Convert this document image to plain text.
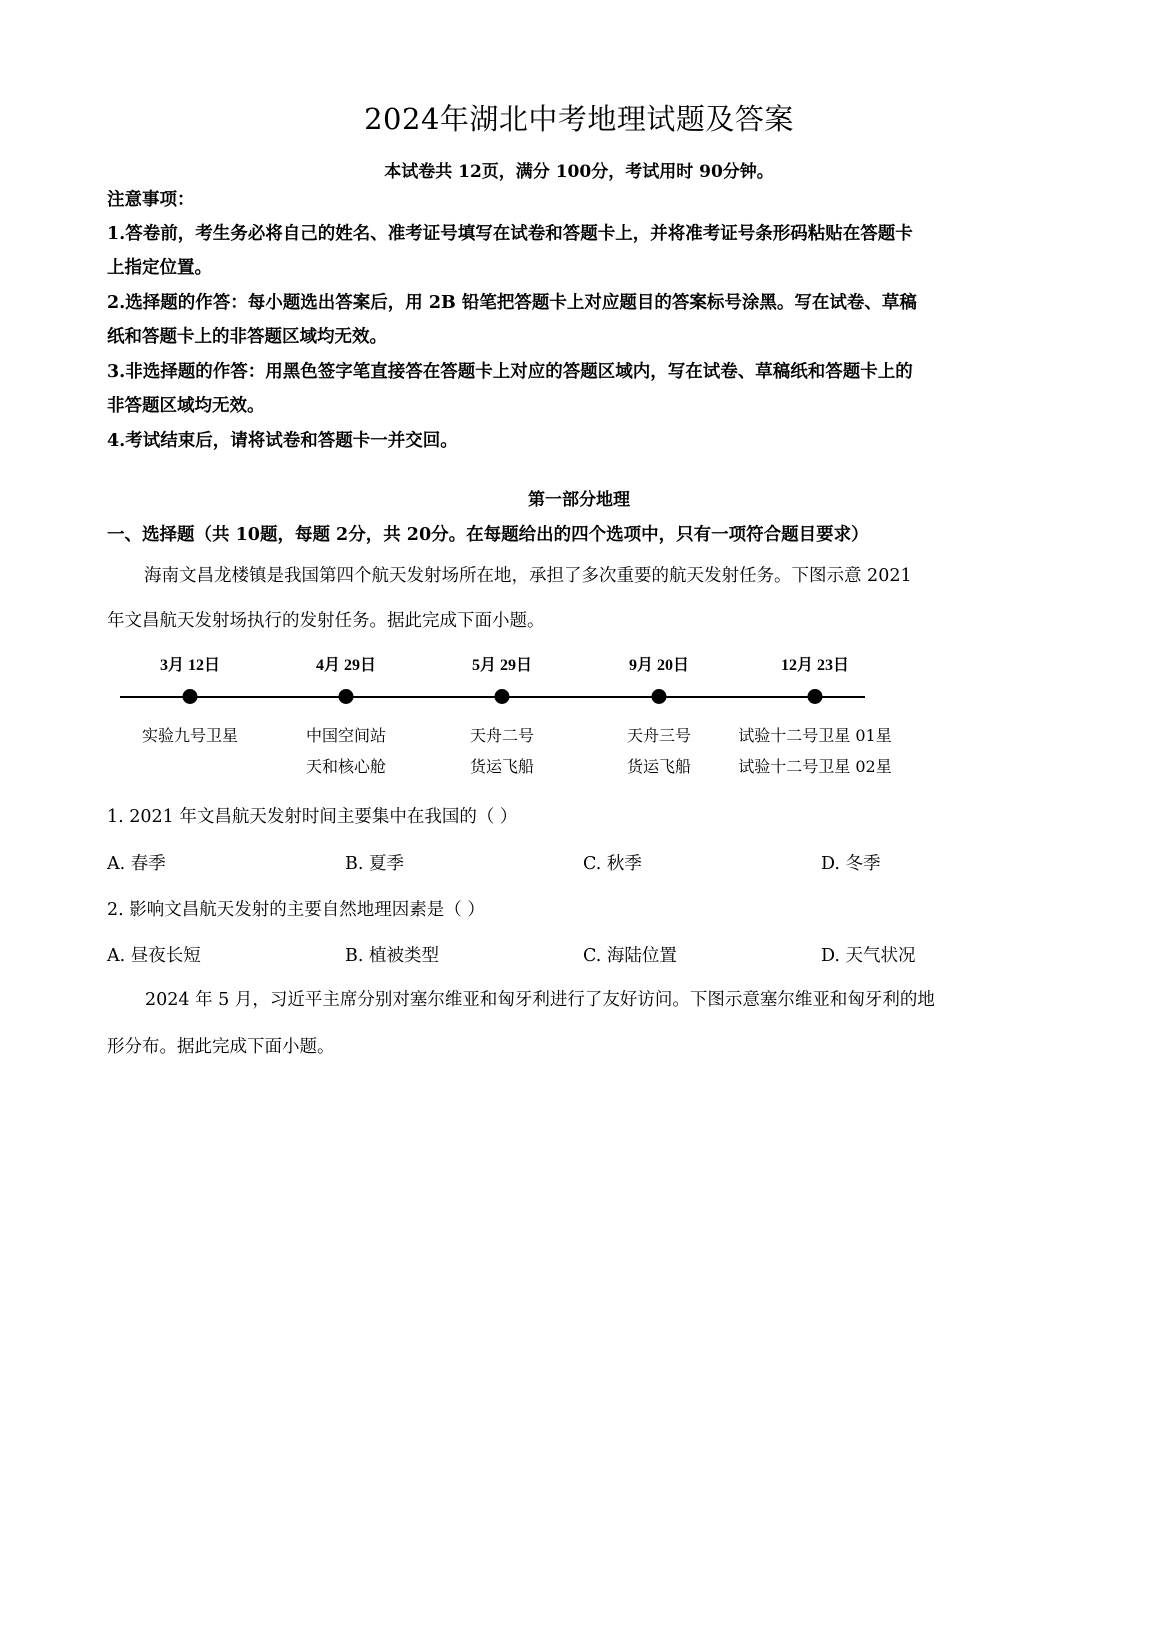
2024年湖北中考地理试题及答案

本试卷共 12页，满分 100分，考试用时 90分钟。

注意事项：

1.答卷前，考生务必将自己的姓名、准考证号填写在试卷和答题卡上，并将准考证号条形码粘贴在答题卡

上指定位置。

2.选择题的作答：每小题选出答案后，用 2B 铅笔把答题卡上对应题目的答案标号涂黑。写在试卷、草稿

纸和答题卡上的非答题区域均无效。

3.非选择题的作答：用黑色签字笔直接答在答题卡上对应的答题区域内，写在试卷、草稿纸和答题卡上的

非答题区域均无效。

4.考试结束后，请将试卷和答题卡一并交回。

第一部分地理

一、选择题（共 10题，每题 2分，共 20分。在每题给出的四个选项中，只有一项符合题目要求）

海南文昌龙楼镇是我国第四个航天发射场所在地，承担了多次重要的航天发射任务。下图示意 2021

年文昌航天发射场执行的发射任务。据此完成下面小题。

3月 12日
实验九号卫星
4月 29日
中国空间站
天和核心舱
5月 29日
天舟二号
货运飞船
9月 20日
天舟三号
货运飞船
12月 23日
试验十二号卫星 01星
试验十二号卫星 02星

1. 2021 年文昌航天发射时间主要集中在我国的（ ）

A. 春季	B. 夏季	C. 秋季	D. 冬季

2. 影响文昌航天发射的主要自然地理因素是（ ）

A. 昼夜长短	B. 植被类型	C. 海陆位置	D. 天气状况

2024 年 5 月，习近平主席分别对塞尔维亚和匈牙利进行了友好访问。下图示意塞尔维亚和匈牙利的地

形分布。据此完成下面小题。
